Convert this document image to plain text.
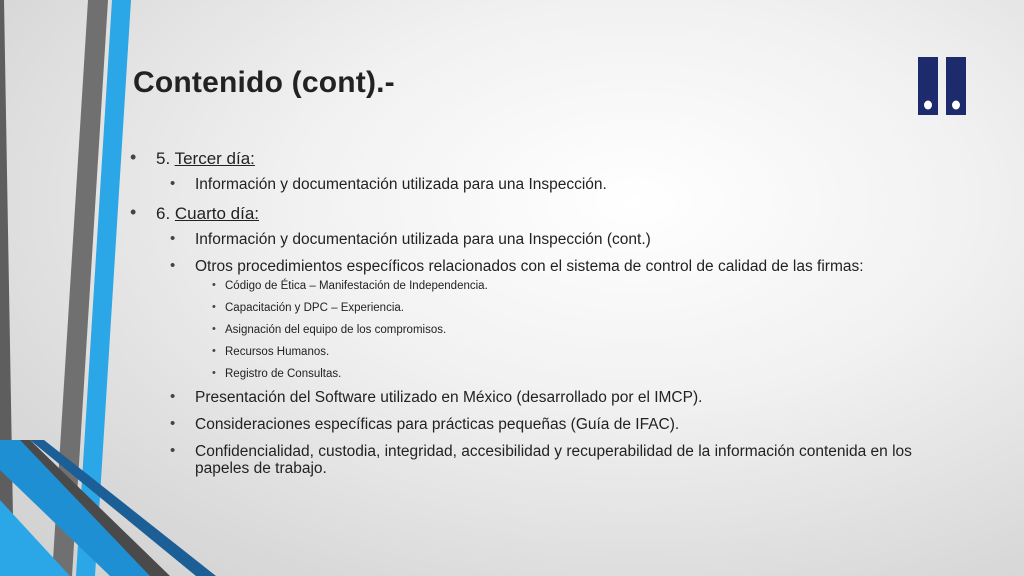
Contenido (cont).-
• 5. Tercer día:
• Información y documentación utilizada para una Inspección.
• 6. Cuarto día:
• Información y documentación utilizada para una Inspección (cont.)
• Otros procedimientos específicos relacionados con el sistema de control de calidad de las firmas:
• Código de Ética – Manifestación de Independencia.
• Capacitación y DPC – Experiencia.
• Asignación del equipo de los compromisos.
• Recursos Humanos.
• Registro de Consultas.
• Presentación del Software utilizado en México (desarrollado por el IMCP).
• Consideraciones específicas para prácticas pequeñas (Guía de IFAC).
• Confidencialidad, custodia, integridad, accesibilidad y recuperabilidad de la información contenida en los papeles de trabajo.
